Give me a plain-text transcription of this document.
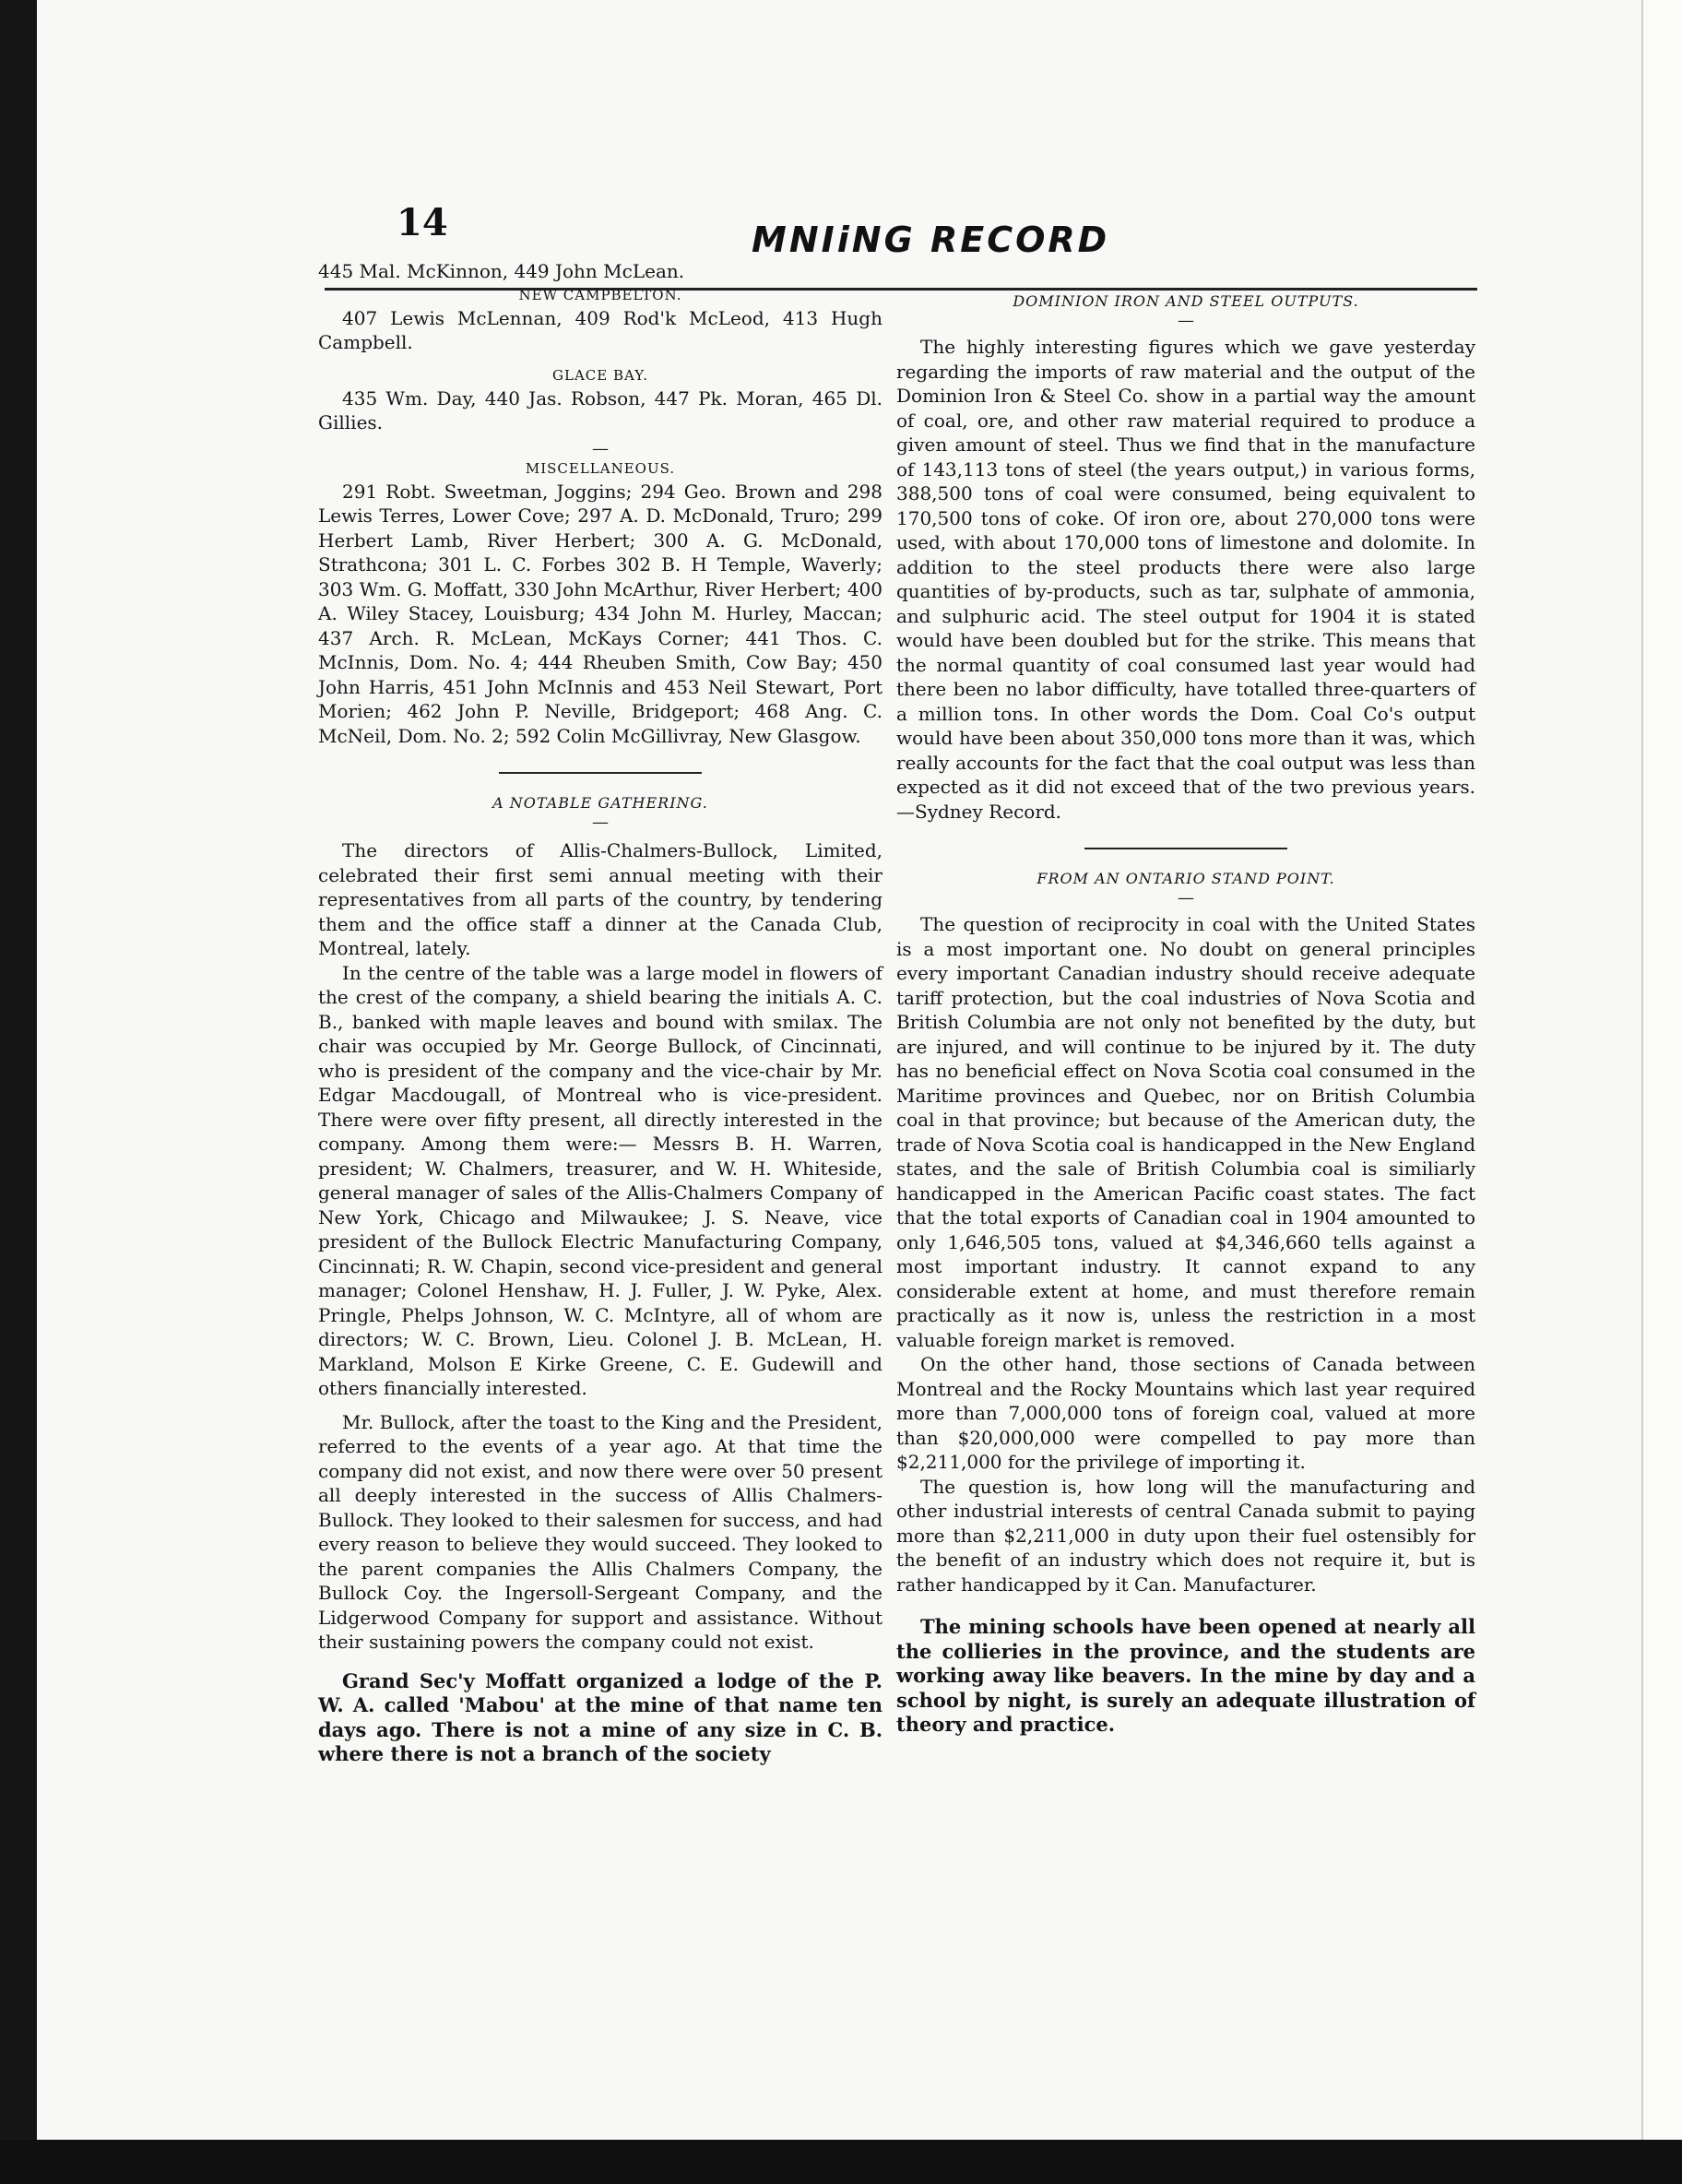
14	MNIiNG RECORD

445 Mal. McKinnon, 449 John McLean.

NEW CAMPBELTON.

407 Lewis McLennan, 409 Rod'k McLeod, 413 Hugh Campbell.

GLACE BAY.

435 Wm. Day, 440 Jas. Robson, 447 Pk. Moran, 465 Dl. Gillies.

—

MISCELLANEOUS.

291 Robt. Sweetman, Joggins; 294 Geo. Brown and 298 Lewis Terres, Lower Cove; 297 A. D. McDonald, Truro; 299 Herbert Lamb, River Herbert; 300 A. G. McDonald, Strathcona; 301 L. C. Forbes 302 B. H Temple, Waverly; 303 Wm. G. Moffatt, 330 John McArthur, River Herbert; 400 A. Wiley Stacey, Louisburg; 434 John M. Hurley, Maccan; 437 Arch. R. McLean, McKays Corner; 441 Thos. C. McInnis, Dom. No. 4; 444 Rheuben Smith, Cow Bay; 450 John Harris, 451 John McInnis and 453 Neil Stewart, Port Morien; 462 John P. Neville, Bridgeport; 468 Ang. C. McNeil, Dom. No. 2; 592 Colin McGillivray, New Glasgow.

A NOTABLE GATHERING.

—

The directors of Allis-Chalmers-Bullock, Limited, celebrated their first semi annual meeting with their representatives from all parts of the country, by tendering them and the office staff a dinner at the Canada Club, Montreal, lately.

In the centre of the table was a large model in flowers of the crest of the company, a shield bearing the initials A. C. B., banked with maple leaves and bound with smilax. The chair was occupied by Mr. George Bullock, of Cincinnati, who is president of the company and the vice-chair by Mr. Edgar Macdougall, of Montreal who is vice-president. There were over fifty present, all directly interested in the company. Among them were:— Messrs B. H. Warren, president; W. Chalmers, treasurer, and W. H. Whiteside, general manager of sales of the Allis-Chalmers Company of New York, Chicago and Milwaukee; J. S. Neave, vice president of the Bullock Electric Manufacturing Company, Cincinnati; R. W. Chapin, second vice-president and general manager; Colonel Henshaw, H. J. Fuller, J. W. Pyke, Alex. Pringle, Phelps Johnson, W. C. McIntyre, all of whom are directors; W. C. Brown, Lieu. Colonel J. B. McLean, H. Markland, Molson E Kirke Greene, C. E. Gudewill and others financially interested.

Mr. Bullock, after the toast to the King and the President, referred to the events of a year ago. At that time the company did not exist, and now there were over 50 present all deeply interested in the success of Allis Chalmers-Bullock. They looked to their salesmen for success, and had every reason to believe they would succeed. They looked to the parent companies the Allis Chalmers Company, the Bullock Coy. the Ingersoll-Sergeant Company, and the Lidgerwood Company for support and assistance. Without their sustaining powers the company could not exist.

Grand Sec'y Moffatt organized a lodge of the P. W. A. called 'Mabou' at the mine of that name ten days ago. There is not a mine of any size in C. B. where there is not a branch of the society

DOMINION IRON AND STEEL OUTPUTS.

—

The highly interesting figures which we gave yesterday regarding the imports of raw material and the output of the Dominion Iron & Steel Co. show in a partial way the amount of coal, ore, and other raw material required to produce a given amount of steel. Thus we find that in the manufacture of 143,113 tons of steel (the years output,) in various forms, 388,500 tons of coal were consumed, being equivalent to 170,500 tons of coke. Of iron ore, about 270,000 tons were used, with about 170,000 tons of limestone and dolomite. In addition to the steel products there were also large quantities of by-products, such as tar, sulphate of ammonia, and sulphuric acid. The steel output for 1904 it is stated would have been doubled but for the strike. This means that the normal quantity of coal consumed last year would had there been no labor difficulty, have totalled three-quarters of a million tons. In other words the Dom. Coal Co's output would have been about 350,000 tons more than it was, which really accounts for the fact that the coal output was less than expected as it did not exceed that of the two previous years.—Sydney Record.

FROM AN ONTARIO STAND POINT.

—

The question of reciprocity in coal with the United States is a most important one. No doubt on general principles every important Canadian industry should receive adequate tariff protection, but the coal industries of Nova Scotia and British Columbia are not only not benefited by the duty, but are injured, and will continue to be injured by it. The duty has no beneficial effect on Nova Scotia coal consumed in the Maritime provinces and Quebec, nor on British Columbia coal in that province; but because of the American duty, the trade of Nova Scotia coal is handicapped in the New England states, and the sale of British Columbia coal is similiarly handicapped in the American Pacific coast states. The fact that the total exports of Canadian coal in 1904 amounted to only 1,646,505 tons, valued at $4,346,660 tells against a most important industry. It cannot expand to any considerable extent at home, and must therefore remain practically as it now is, unless the restriction in a most valuable foreign market is removed.

On the other hand, those sections of Canada between Montreal and the Rocky Mountains which last year required more than 7,000,000 tons of foreign coal, valued at more than $20,000,000 were compelled to pay more than $2,211,000 for the privilege of importing it.

The question is, how long will the manufacturing and other industrial interests of central Canada submit to paying more than $2,211,000 in duty upon their fuel ostensibly for the benefit of an industry which does not require it, but is rather handicapped by it Can. Manufacturer.

The mining schools have been opened at nearly all the collieries in the province, and the students are working away like beavers. In the mine by day and a school by night, is surely an adequate illustration of theory and practice.
